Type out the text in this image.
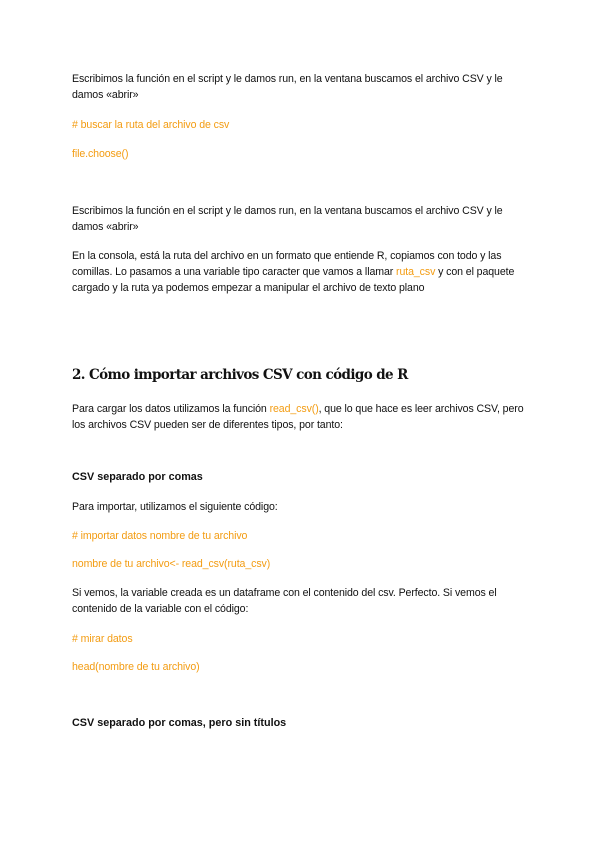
Escribimos la función en el script y le damos run, en la ventana buscamos el archivo CSV y le damos «abrir»

# buscar la ruta del archivo de csv

file.choose()

Escribimos la función en el script y le damos run, en la ventana buscamos el archivo CSV y le damos «abrir»

En la consola, está la ruta del archivo en un formato que entiende R, copiamos con todo y las comillas. Lo pasamos a una variable tipo caracter que vamos a llamar ruta_csv y con el paquete cargado y la ruta ya podemos empezar a manipular el archivo de texto plano

2. Cómo importar archivos CSV con código de R

Para cargar los datos utilizamos la función read_csv(), que lo que hace es leer archivos CSV, pero los archivos CSV pueden ser de diferentes tipos, por tanto:

CSV separado por comas

Para importar, utilizamos el siguiente código:

# importar datos nombre de tu archivo

nombre de tu archivo<- read_csv(ruta_csv)

Si vemos, la variable creada es un dataframe con el contenido del csv. Perfecto. Si vemos el contenido de la variable con el código:

# mirar datos

head(nombre de tu archivo)

CSV separado por comas, pero sin títulos
